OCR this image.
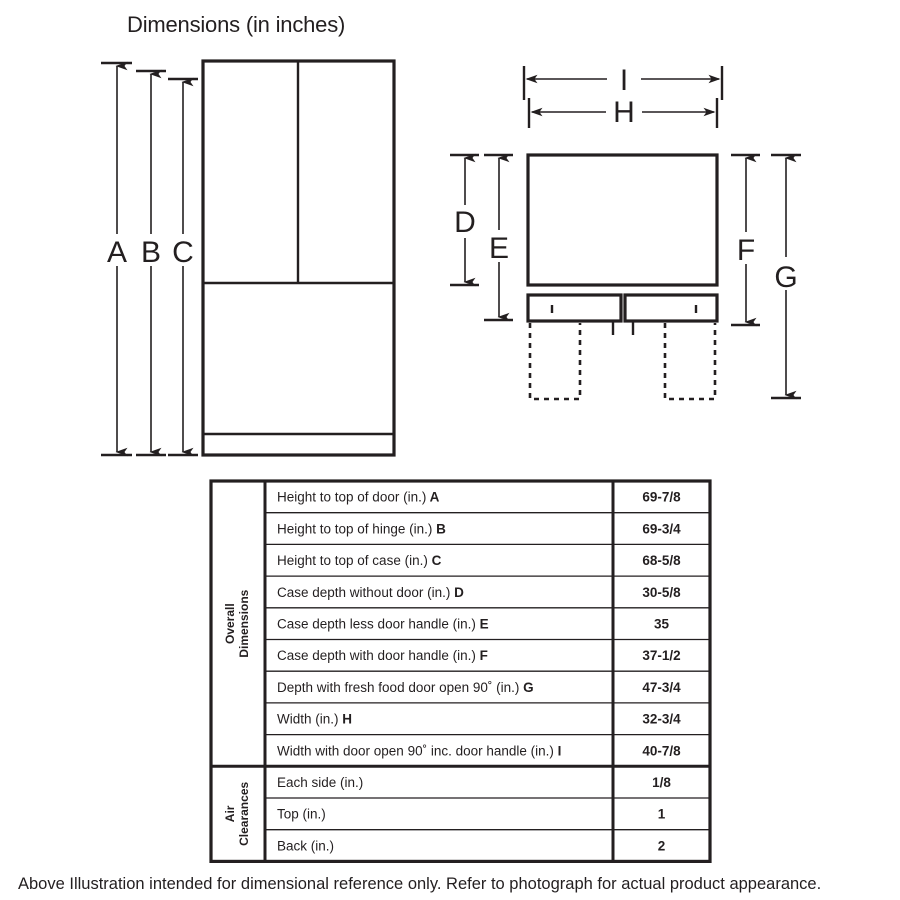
Dimensions (in inches)
A B C
I
H
D
E	F
G
Height to top of door (in.) A	69-7/8
Height to top of hinge (in.) B	69-3/4
Height to top of case (in.) C	68-5/8
Case depth without door (in.) D	30-5/8
Case depth less door handle (in.) E	35
Case depth with door handle (in.) F	37-1/2
Depth with fresh food door open 90˚ (in.) G	47-3/4
Width (in.) H	32-3/4
Width with door open 90˚ inc. door handle (in.) I	40-7/8
Each side (in.)	1/8
Top (in.)	1
Back (in.)	2
Overall Dimensions
Air Clearances
Above Illustration intended for dimensional reference only. Refer to photograph for actual product appearance.
